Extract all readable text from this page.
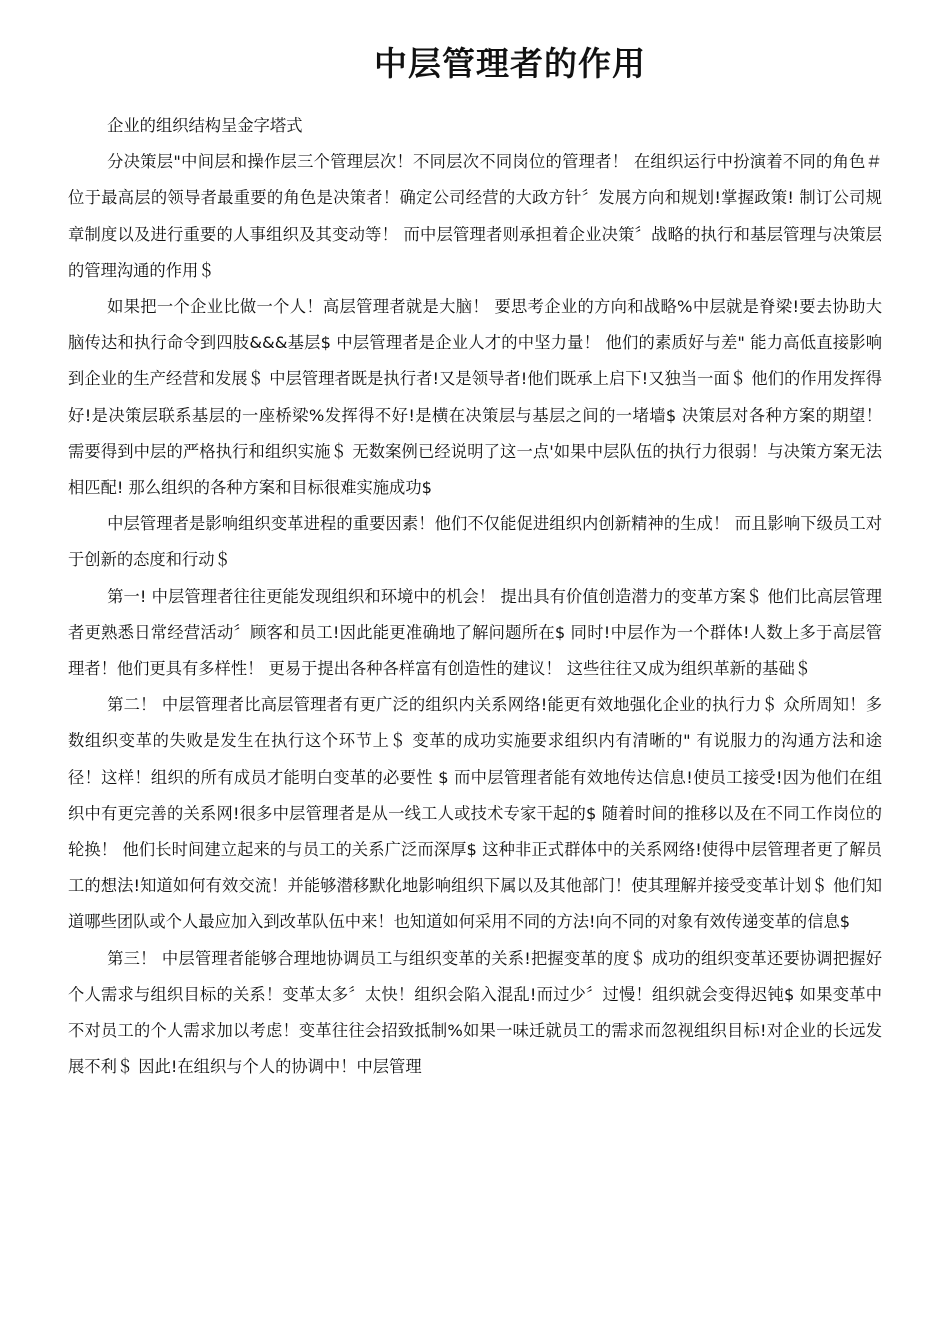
中层管理者的作用

企业的组织结构呈金字塔式

分决策层"中间层和操作层三个管理层次！不同层次不同岗位的管理者！ 在组织运行中扮演着不同的角色＃ 位于最高层的领导者最重要的角色是决策者！确定公司经营的大政方针〞发展方向和规划!掌握政策! 制订公司规章制度以及进行重要的人事组织及其变动等！ 而中层管理者则承担着企业决策〞战略的执行和基层管理与决策层的管理沟通的作用＄

如果把一个企业比做一个人！高层管理者就是大脑！ 要思考企业的方向和战略%中层就是脊梁!要去协助大脑传达和执行命令到四肢&&&基层$ 中层管理者是企业人才的中坚力量！ 他们的素质好与差" 能力高低直接影响到企业的生产经营和发展＄ 中层管理者既是执行者!又是领导者!他们既承上启下!又独当一面＄ 他们的作用发挥得好!是决策层联系基层的一座桥梁%发挥得不好!是横在决策层与基层之间的一堵墙$ 决策层对各种方案的期望！ 需要得到中层的严格执行和组织实施＄ 无数案例已经说明了这一点'如果中层队伍的执行力很弱！与决策方案无法相匹配! 那么组织的各种方案和目标很难实施成功$

中层管理者是影响组织变革进程的重要因素！他们不仅能促进组织内创新精神的生成！ 而且影响下级员工对于创新的态度和行动＄

第一! 中层管理者往往更能发现组织和环境中的机会！ 提出具有价值创造潜力的变革方案＄ 他们比高层管理者更熟悉日常经营活动〞顾客和员工!因此能更准确地了解问题所在$ 同时!中层作为一个群体!人数上多于高层管理者！他们更具有多样性！ 更易于提出各种各样富有创造性的建议！ 这些往往又成为组织革新的基础＄

第二！ 中层管理者比高层管理者有更广泛的组织内关系网络!能更有效地强化企业的执行力＄ 众所周知！多数组织变革的失败是发生在执行这个环节上＄ 变革的成功实施要求组织内有清晰的" 有说服力的沟通方法和途径！这样！组织的所有成员才能明白变革的必要性 $ 而中层管理者能有效地传达信息!使员工接受!因为他们在组织中有更完善的关系网!很多中层管理者是从一线工人或技术专家干起的$ 随着时间的推移以及在不同工作岗位的轮换！ 他们长时间建立起来的与员工的关系广泛而深厚$ 这种非正式群体中的关系网络!使得中层管理者更了解员工的想法!知道如何有效交流！并能够潜移默化地影响组织下属以及其他部门！使其理解并接受变革计划＄ 他们知道哪些团队或个人最应加入到改革队伍中来！也知道如何采用不同的方法!向不同的对象有效传递变革的信息$

第三！ 中层管理者能够合理地协调员工与组织变革的关系!把握变革的度＄ 成功的组织变革还要协调把握好个人需求与组织目标的关系！变革太多〞太快！组织会陷入混乱!而过少〞过慢！组织就会变得迟钝$ 如果变革中不对员工的个人需求加以考虑！变革往往会招致抵制%如果一味迁就员工的需求而忽视组织目标!对企业的长远发展不利＄ 因此!在组织与个人的协调中！中层管理
